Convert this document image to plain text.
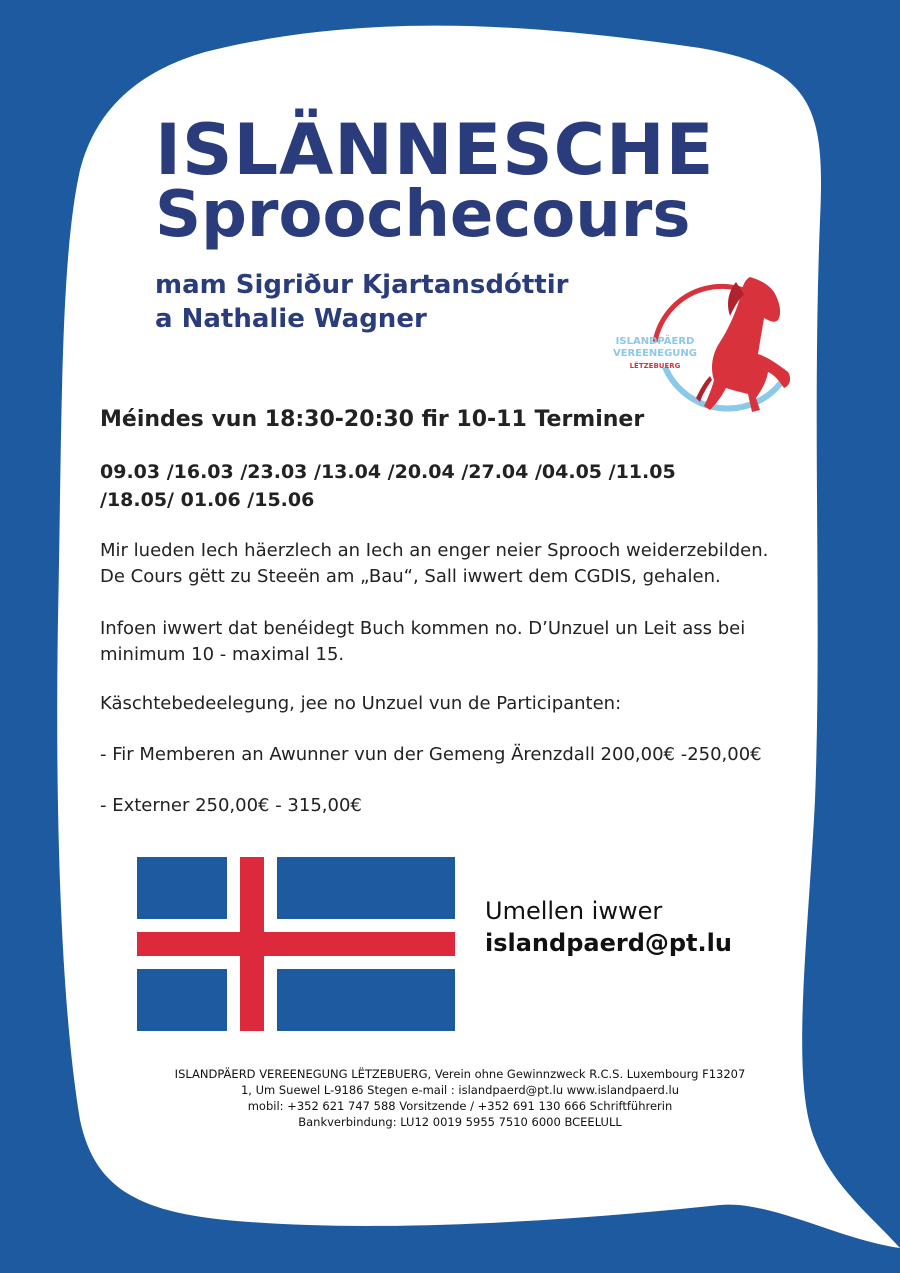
ISLÄNNESCHE
Sproochecours
mam Sigriður Kjartansdóttir
a Nathalie Wagner
ISLANDPÄERD
VEREENEGUNG
LËTZEBUERG
Méindes vun 18:30-20:30 fir 10-11 Terminer
09.03 /16.03 /23.03 /13.04 /20.04 /27.04 /04.05 /11.05
/18.05/ 01.06 /15.06
Mir lueden Iech häerzlech an Iech an enger neier Sprooch weiderzebilden.
De Cours gëtt zu Steeën am „Bau“, Sall iwwert dem CGDIS, gehalen.
Infoen iwwert dat benéidegt Buch kommen no. D’Unzuel un Leit ass bei
minimum 10 - maximal 15.
Käschtebedeelegung, jee no Unzuel vun de Participanten:
- Fir Memberen an Awunner vun der Gemeng Ärenzdall 200,00€ -250,00€
- Externer 250,00€ - 315,00€
Umellen iwwer
islandpaerd@pt.lu
ISLANDPÄERD VEREENEGUNG LËTZEBUERG, Verein ohne Gewinnzweck R.C.S. Luxembourg F13207
1, Um Suewel L-9186 Stegen e-mail : islandpaerd@pt.lu www.islandpaerd.lu
mobil: +352 621 747 588 Vorsitzende / +352 691 130 666 Schriftführerin
Bankverbindung: LU12 0019 5955 7510 6000 BCEELULL
